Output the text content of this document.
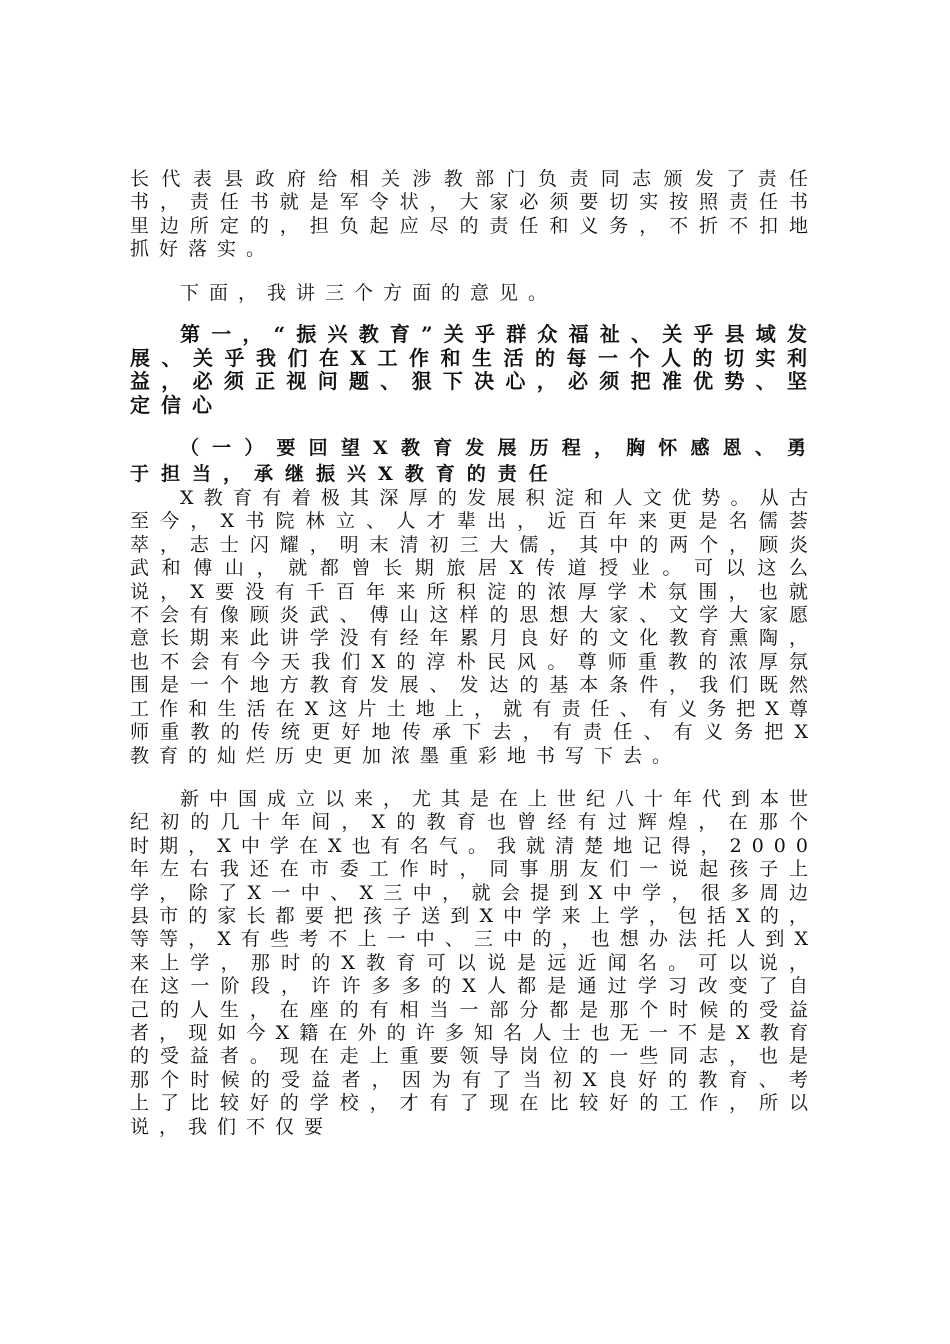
长代表县政府给相关涉教部门负责同志颁发了责任书，责任书就是军令状，大家必须要切实按照责任书里边所定的，担负起应尽的责任和义务，不折不扣地抓好落实。

下面，我讲三个方面的意见。

第一，“振兴教育”关乎群众福祉、关乎县域发展、关乎我们在X工作和生活的每一个人的切实利益，必须正视问题、狠下决心，必须把准优势、坚定信心

（一）要回望X教育发展历程，胸怀感恩、勇于担当，承继振兴X教育的责任

X教育有着极其深厚的发展积淀和人文优势。从古至今，X书院林立、人才辈出，近百年来更是名儒荟萃，志士闪耀，明末清初三大儒，其中的两个，顾炎武和傅山，就都曾长期旅居X传道授业。可以这么说，X要没有千百年来所积淀的浓厚学术氛围，也就不会有像顾炎武、傅山这样的思想大家、文学大家愿意长期来此讲学没有经年累月良好的文化教育熏陶，也不会有今天我们X的淳朴民风。尊师重教的浓厚氛围是一个地方教育发展、发达的基本条件，我们既然工作和生活在X这片土地上，就有责任、有义务把X尊师重教的传统更好地传承下去，有责任、有义务把X教育的灿烂历史更加浓墨重彩地书写下去。

新中国成立以来，尤其是在上世纪八十年代到本世纪初的几十年间，X的教育也曾经有过辉煌，在那个时期，X中学在X也有名气。我就清楚地记得，2000年左右我还在市委工作时，同事朋友们一说起孩子上学，除了X一中、X三中，就会提到X中学，很多周边县市的家长都要把孩子送到X中学来上学，包括X的，等等，X有些考不上一中、三中的，也想办法托人到X来上学，那时的X教育可以说是远近闻名。可以说，在这一阶段，许许多多的X人都是通过学习改变了自己的人生，在座的有相当一部分都是那个时候的受益者，现如今X籍在外的许多知名人士也无一不是X教育的受益者。现在走上重要领导岗位的一些同志，也是那个时候的受益者，因为有了当初X良好的教育、考上了比较好的学校，才有了现在比较好的工作，所以说，我们不仅要
